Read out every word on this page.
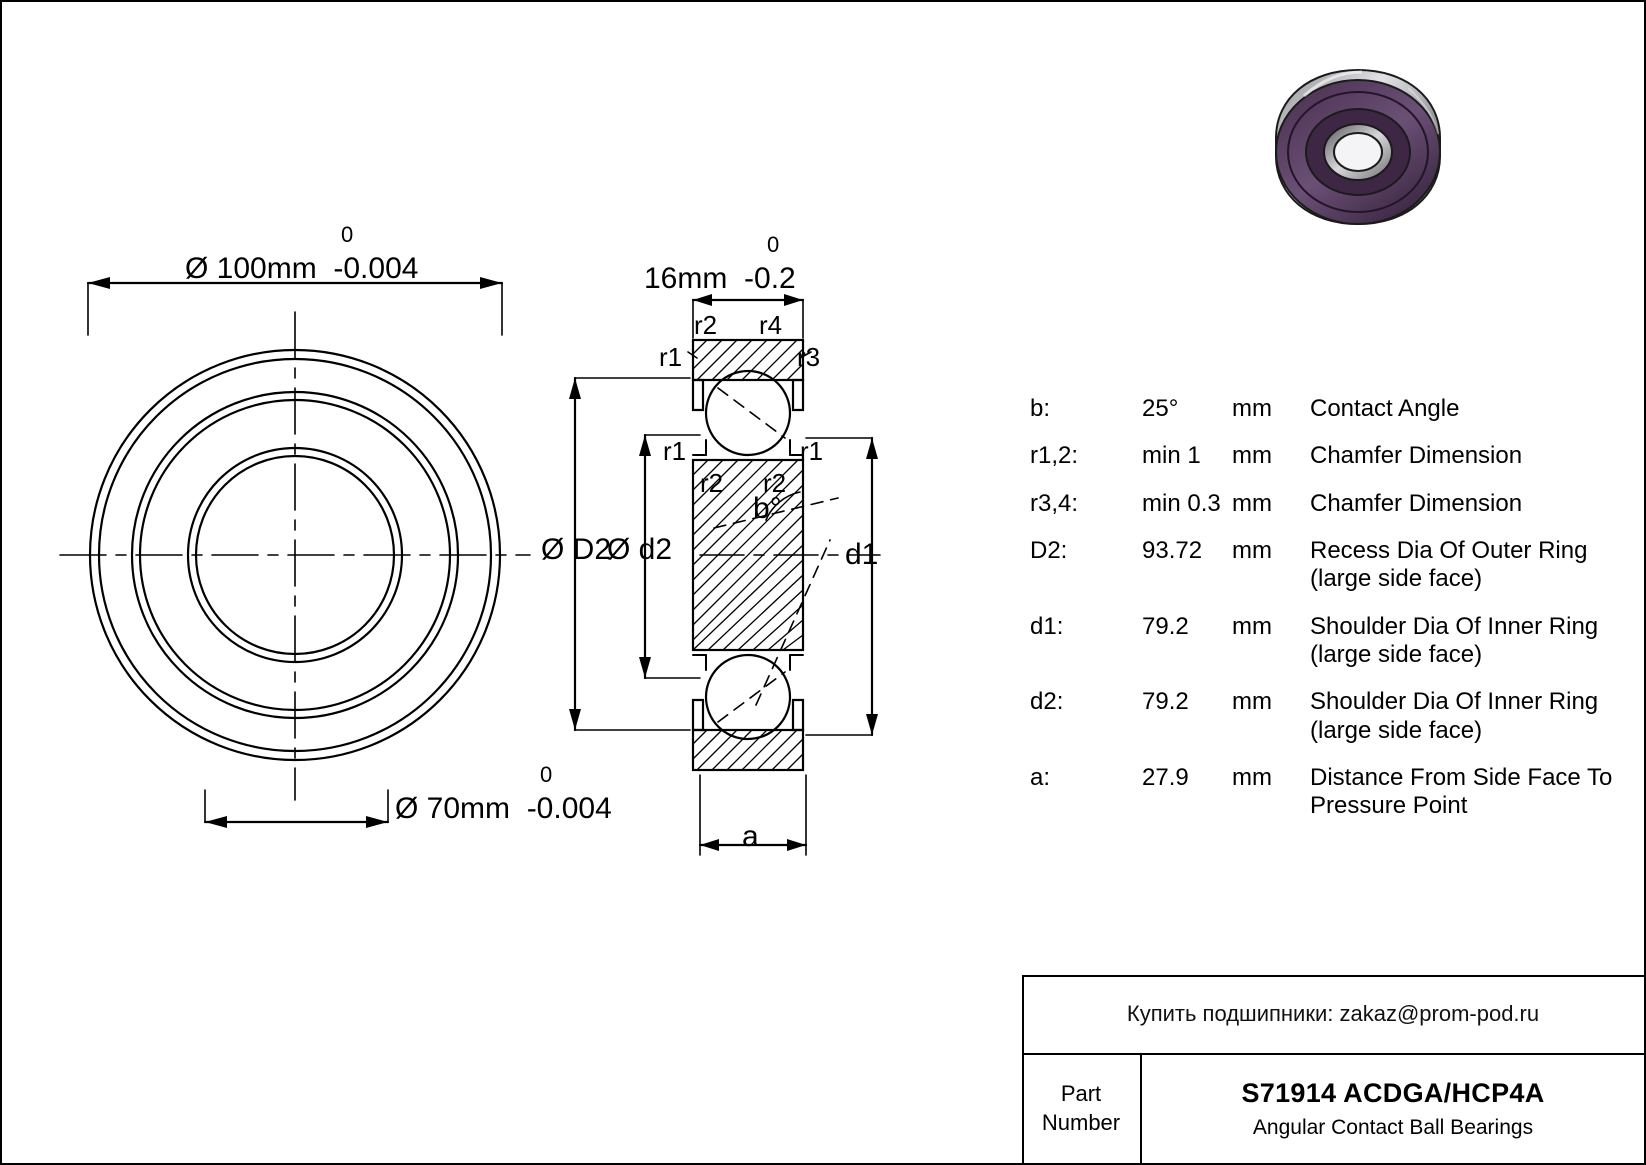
0
Ø 100mm  -0.004
0
Ø 70mm  -0.004
0
16mm  -0.2
r1
r2 r4
r3
r1	r1
r2 r2
b°
Ø D2
Ø d2	d1
a
b:	25°	mm	Contact Angle
r1,2:	min 1	mm	Chamfer Dimension
r3,4:	min 0.3	mm	Chamfer Dimension
D2:	93.72	mm	Recess Dia Of Outer Ring
(large side face)
d1:	79.2	mm	Shoulder Dia Of Inner Ring
(large side face)
d2:	79.2	mm	Shoulder Dia Of Inner Ring
(large side face)
a:	27.9	mm	Distance From Side Face To
Pressure Point
Купить подшипники: zakaz@prom-pod.ru
Part
Number
S71914 ACDGA/HCP4A
Angular Contact Ball Bearings
